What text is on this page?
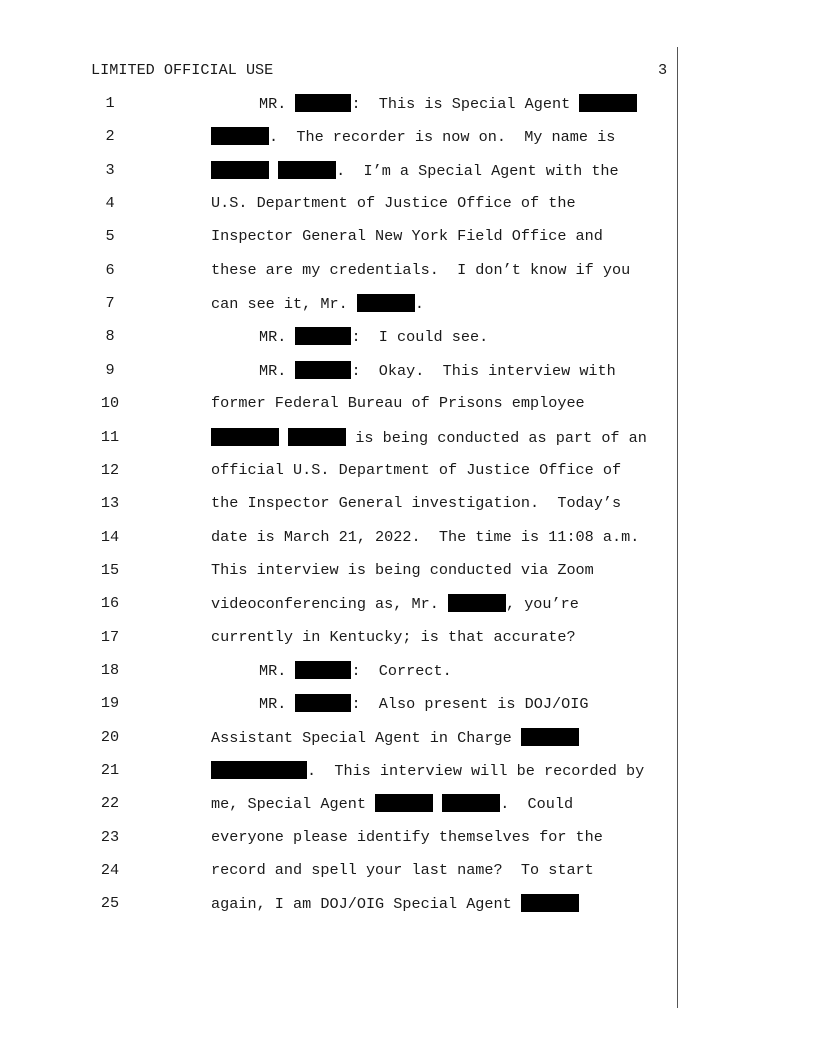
LIMITED OFFICIAL USE	3
1	MR.	:  This is Special Agent
2	.  The recorder is now on.  My name is
3	.  I’m a Special Agent with the
4	U.S. Department of Justice Office of the
5	Inspector General New York Field Office and
6	these are my credentials.  I don’t know if you
7	can see it, Mr.	.
8	MR.	:  I could see.
9	MR.	:  Okay.  This interview with
10	former Federal Bureau of Prisons employee
11	is being conducted as part of an
12	official U.S. Department of Justice Office of
13	the Inspector General investigation.  Today’s
14	date is March 21, 2022.  The time is 11:08 a.m.
15	This interview is being conducted via Zoom
16	videoconferencing as, Mr.	, you’re
17	currently in Kentucky; is that accurate?
18	MR.	:  Correct.
19	MR.	:  Also present is DOJ/OIG
20	Assistant Special Agent in Charge
21	.  This interview will be recorded by
22	me, Special Agent	.  Could
23	everyone please identify themselves for the
24	record and spell your last name?  To start
25	again, I am DOJ/OIG Special Agent
